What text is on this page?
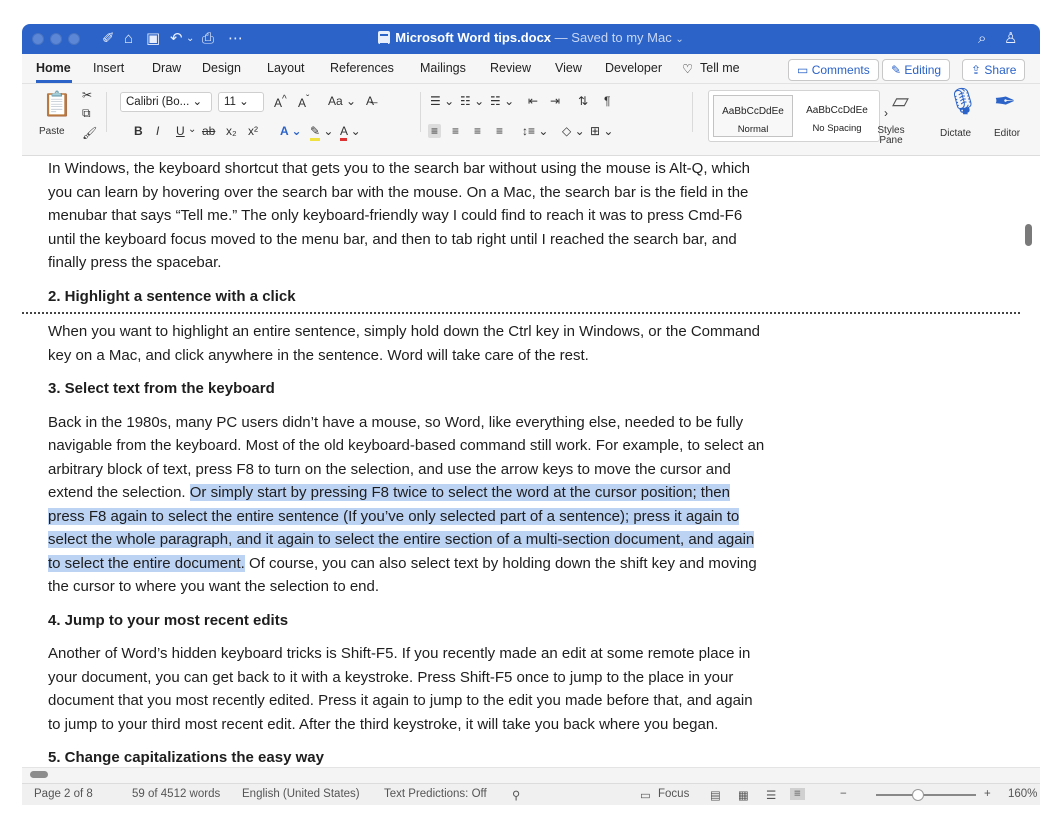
✐ ⌂ ▣ ↶ ⌄ ⎙ ⋯	Microsoft Word tips.docx — Saved to my Mac ⌄	⌕ ♙
Home Insert Draw Design Layout References Mailings Review View Developer ♡ Tell me	▭ Comments	✎ Editing	⇪ Share
📋
Paste
✂
⧉
🖌
Calibri (Bo... ⌄	11 ⌄	A^ $A^ˇ$ Aa ⌄ A̶
B I U ⌄ ab x₂ x² A ⌄ ✎ ⌄ A ⌄
☰ ⌄ ☷ ⌄ ☵ ⌄ ⇤ ⇥ ⇅ ¶
≡ ≡ ≡ ≡ ↕≡ ⌄ ◇ ⌄ ⊞ ⌄
AaBbCcDdEe
Normal
AaBbCcDdEe
No Spacing
› ▱
Styles Pane
🎙
Dictate
✒
Editor

In Windows, the keyboard shortcut that gets you to the search bar without using the mouse is Alt-Q, which you can learn by hovering over the search bar with the mouse. On a Mac, the search bar is the field in the menubar that says “Tell me.” The only keyboard-friendly way I could find to reach it was to press Cmd-F6 until the keyboard focus moved to the menu bar, and then to tab right until I reached the search bar, and finally press the spacebar.

2. Highlight a sentence with a click

When you want to highlight an entire sentence, simply hold down the Ctrl key in Windows, or the Command key on a Mac, and click anywhere in the sentence. Word will take care of the rest.

3. Select text from the keyboard

Back in the 1980s, many PC users didn’t have a mouse, so Word, like everything else, needed to be fully navigable from the keyboard. Most of the old keyboard-based command still work. For example, to select an arbitrary block of text, press F8 to turn on the selection, and use the arrow keys to move the cursor and extend the selection. Or simply start by pressing F8 twice to select the word at the cursor position; then press F8 again to select the entire sentence (If you’ve only selected part of a sentence); press it again to select the whole paragraph, and it again to select the entire section of a multi-section document, and again to select the entire document. Of course, you can also select text by holding down the shift key and moving the cursor to where you want the selection to end.

4. Jump to your most recent edits

Another of Word’s hidden keyboard tricks is Shift-F5. If you recently made an edit at some remote place in your document, you can get back to it with a keystroke. Press Shift-F5 once to jump to the place in your document that you most recently edited. Press it again to jump to the edit you made before that, and again to jump to your third most recent edit. After the third keystroke, it will take you back where you began.

5. Change capitalizations the easy way

Page 2 of 8	59 of 4512 words English (United States) Text Predictions: Off ⚲	▭ Focus ▤ ▦ ☰	≡	−	+ 160%
